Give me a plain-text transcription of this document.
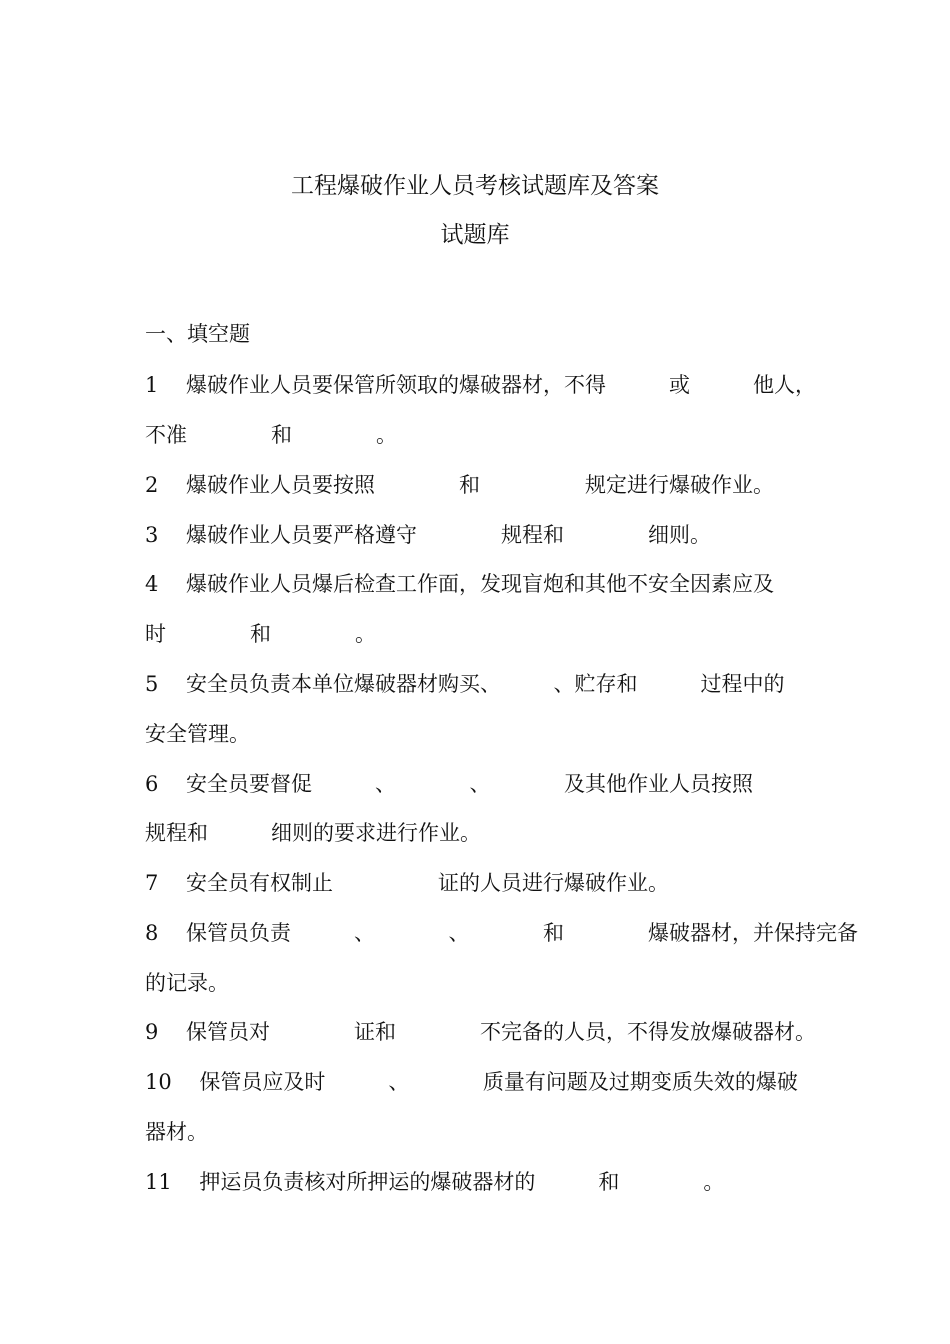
工程爆破作业人员考核试题库及答案
试题库
一、填空题
1　 爆破作业人员要保管所领取的爆破器材，不得　　　或　　　他人，
不准　　　　和　　　　。　　　
2　 爆破作业人员要按照　　　　和　　　　　规定进行爆破作业。
3　 爆破作业人员要严格遵守　　　　规程和　　　　细则。　
4　 爆破作业人员爆后检查工作面，发现盲炮和其他不安全因素应及
时　　　　和　　　　。　　　
5　 安全员负责本单位爆破器材购买、　　　、贮存和　　　过程中的
安全管理。
6　 安全员要督促　　　、　　　　、　　　　及其他作业人员按照　　　　　　
规程和　　　细则的要求进行作业。
7　 安全员有权制止　　　　　证的人员进行爆破作业。
8　 保管员负责　　　、　　　　、　　　　和　　　　爆破器材，并保持完备
的记录。
9　 保管员对　　　　证和　　　　不完备的人员，不得发放爆破器材。
10　 保管员应及时　　　、　　　　质量有问题及过期变质失效的爆破
器材。
11　 押运员负责核对所押运的爆破器材的　　　和　　　　。　　
